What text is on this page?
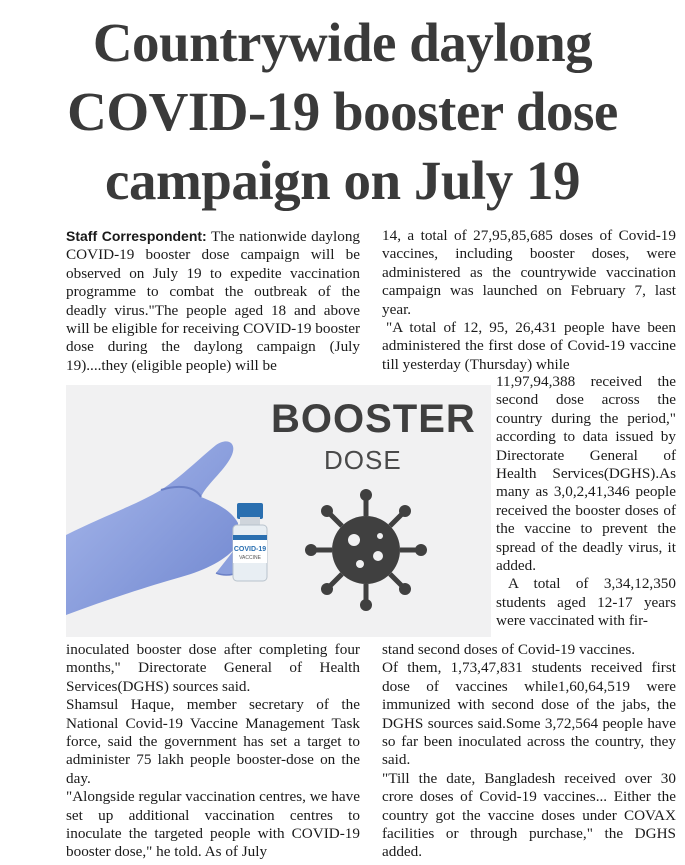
Countrywide daylong
COVID-19 booster dose
campaign on July 19

Staff Correspondent: The nationwide daylong COVID-19 booster dose campaign will be observed on July 19 to expedite vaccination programme to combat the outbreak of the deadly virus."The people aged 18 and above will be eligible for receiving COVID-19 booster dose during the daylong campaign (July 19)....they (eligible people) will be

14, a total of 27,95,85,685 doses of Covid-19 vaccines, including booster doses, were administered as the countrywide vaccination campaign was launched on February 7, last year.

"A total of 12, 95, 26,431 people have been administered the first dose of Covid-19 vaccine till yesterday (Thursday) while

11,97,94,388 received the second dose across the country during the period," according to data issued by Directorate General of Health Services(DGHS).As many as 3,0,2,41,346 people received the booster doses of the vaccine to prevent the spread of the deadly virus, it added.

A total of 3,34,12,350 students aged 12-17 years were vaccinated with fir-

COVID-19
VACCINE
BOOSTER
DOSE

inoculated booster dose after completing four months," Directorate General of Health Services(DGHS) sources said.

Shamsul Haque, member secretary of the National Covid-19 Vaccine Management Task force, said the government has set a target to administer 75 lakh people booster-dose on the day.

"Alongside regular vaccination centres, we have set up additional vaccination centres to inoculate the targeted people with COVID-19 booster dose," he told. As of July

stand second doses of Covid-19 vaccines.

Of them, 1,73,47,831 students received first dose of vaccines while1,60,64,519 were immunized with second dose of the jabs, the DGHS sources said.Some 3,72,564 people have so far been inoculated across the country, they said.

"Till the date, Bangladesh received over 30 crore doses of Covid-19 vaccines... Either the country got the vaccine doses under COVAX facilities or through purchase," the DGHS added.
